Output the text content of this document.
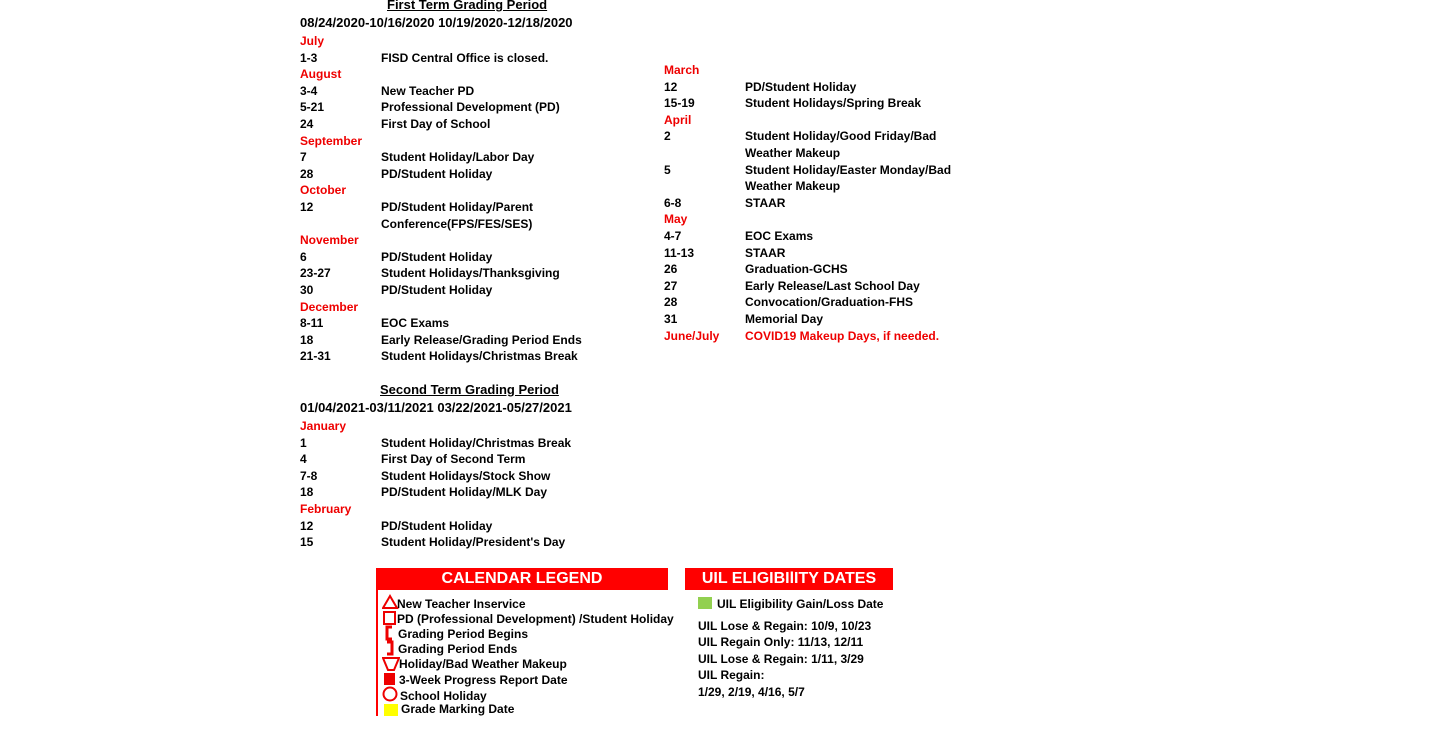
First Term Grading Period
08/24/2020-10/16/2020 10/19/2020-12/18/2020
Second Term Grading Period
01/04/2021-03/11/2021 03/22/2021-05/27/2021
July
1-3	FISD Central Office is closed.
August
3-4	New Teacher PD
5-21	Professional Development (PD)
24	First Day of School
September
7	Student Holiday/Labor Day
28	PD/Student Holiday
October
12	PD/Student Holiday/Parent
Conference(FPS/FES/SES)
November
6	PD/Student Holiday
23-27	Student Holidays/Thanksgiving
30	PD/Student Holiday
December
8-11	EOC Exams
18	Early Release/Grading Period Ends
21-31	Student Holidays/Christmas Break
January
1	Student Holiday/Christmas Break
4	First Day of Second Term
7-8	Student Holidays/Stock Show
18	PD/Student Holiday/MLK Day
February
12	PD/Student Holiday
15	Student Holiday/President's Day
March
12	PD/Student Holiday
15-19	Student Holidays/Spring Break
April
2	Student Holiday/Good Friday/Bad
Weather Makeup
5	Student Holiday/Easter Monday/Bad
Weather Makeup
6-8	STAAR
May
4-7	EOC Exams
11-13	STAAR
26	Graduation-GCHS
27	Early Release/Last School Day
28	Convocation/Graduation-FHS
31	Memorial Day
June/July COVID19 Makeup Days, if needed.
CALENDAR LEGEND	UIL ELIGIBIlITY DATES
New Teacher Inservice
PD (Professional Development) /Student Holiday
Grading Period Begins
Grading Period Ends
Holiday/Bad Weather Makeup
3-Week Progress Report Date
School Holiday
Grade Marking Date
UIL Eligibility Gain/Loss Date
UIL Lose & Regain: 10/9, 10/23
UIL Regain Only: 11/13, 12/11
UIL Lose & Regain: 1/11, 3/29
UIL Regain:
1/29, 2/19, 4/16, 5/7
